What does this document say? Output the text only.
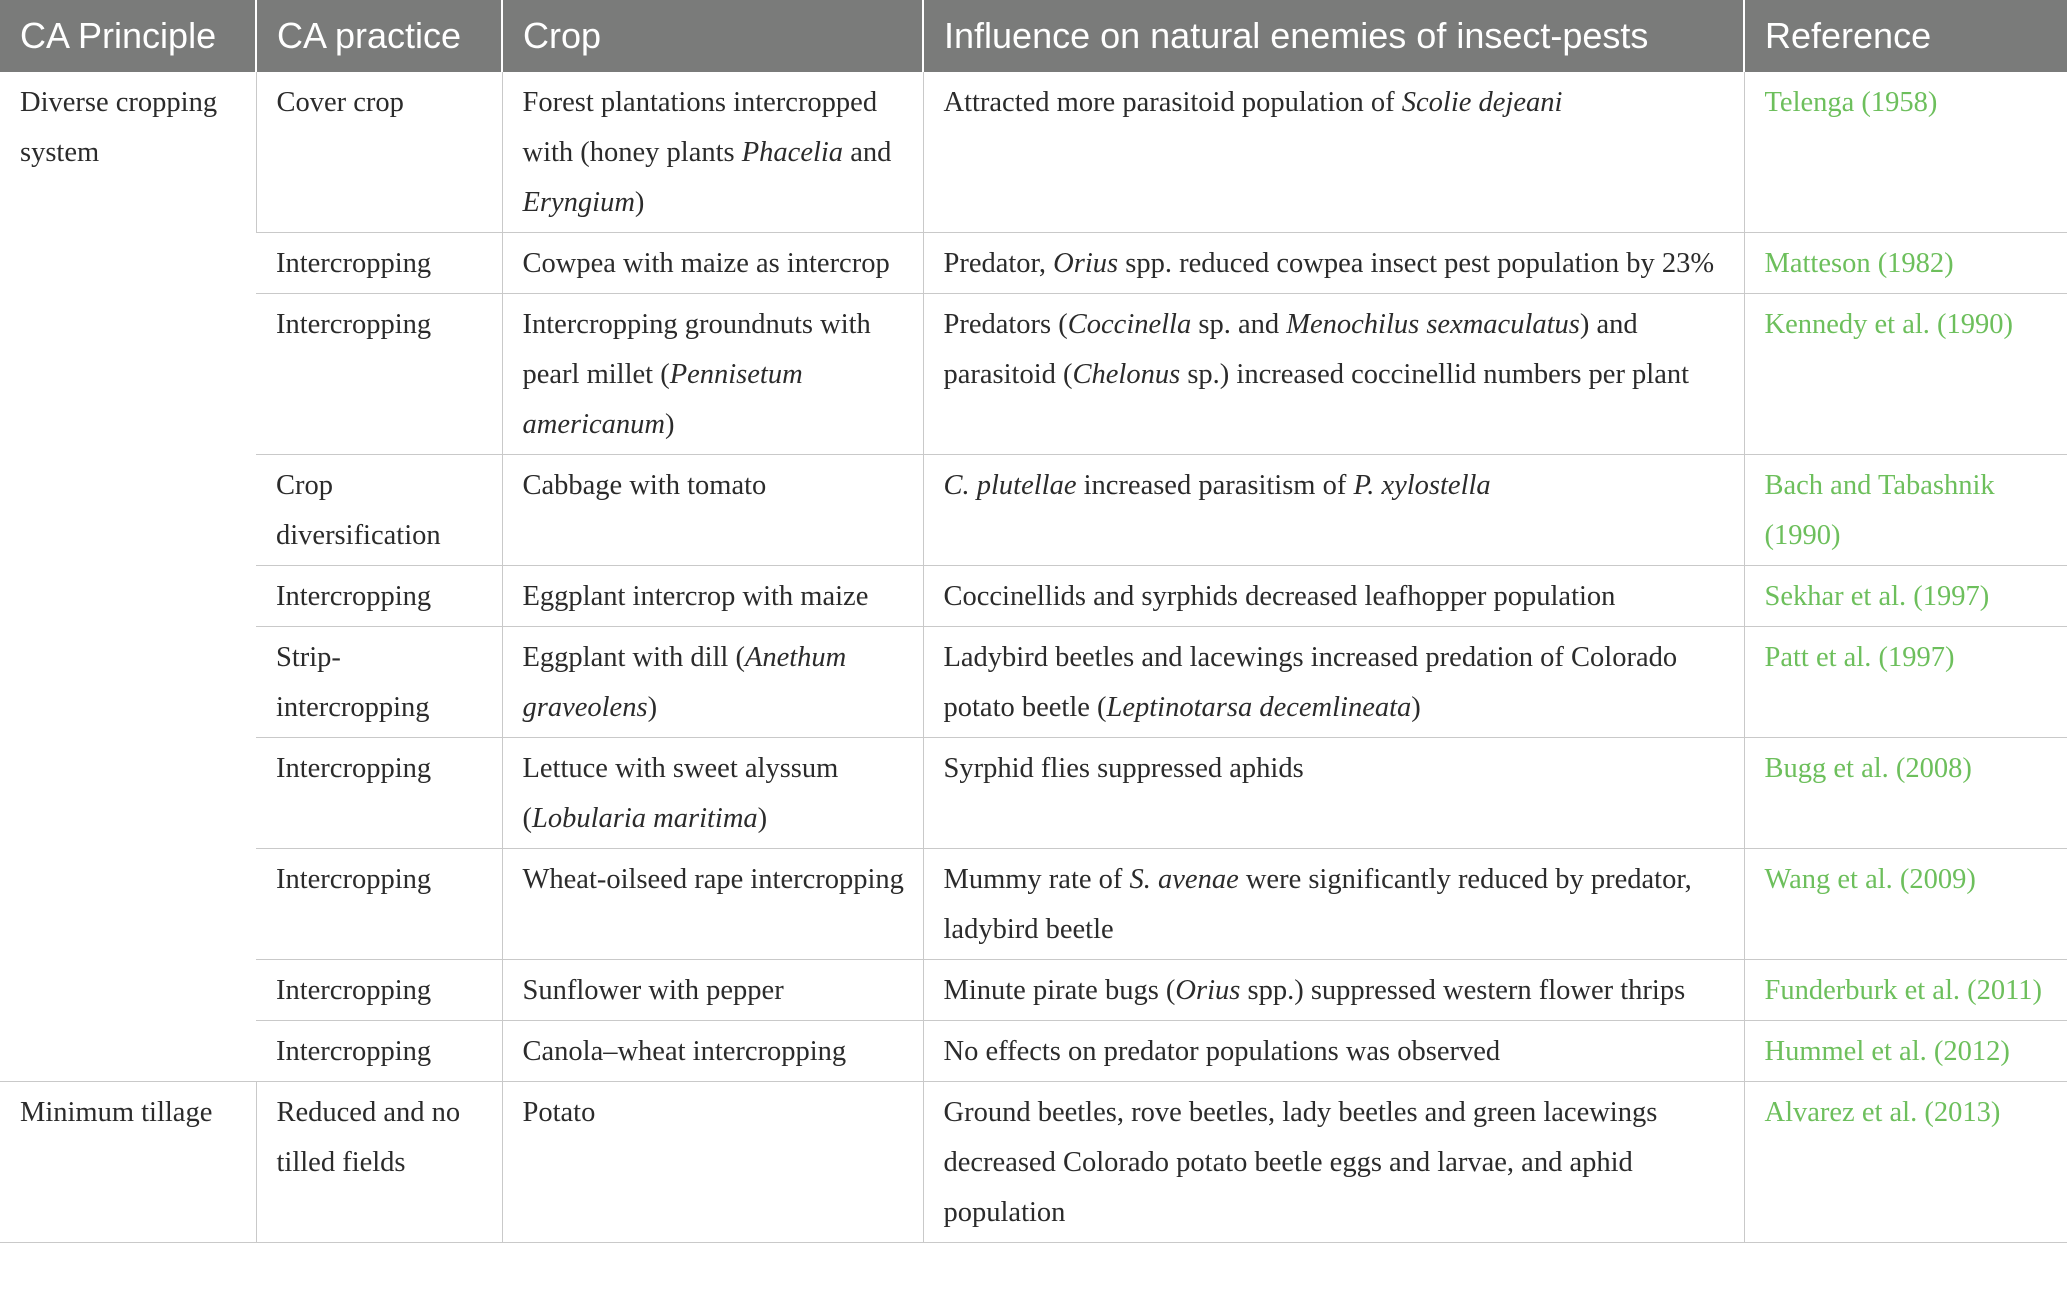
CA Principle	CA practice	Crop	Influence on natural enemies of insect-pests	Reference
Diverse cropping system	Cover crop	Forest plantations intercropped with (honey plants Phacelia and Eryngium)	Attracted more parasitoid population of Scolie dejeani	Telenga (1958)
	Intercropping	Cowpea with maize as intercrop	Predator, Orius spp. reduced cowpea insect pest population by 23%	Matteson (1982)
	Intercropping	Intercropping groundnuts with pearl millet (Pennisetum americanum)	Predators (Coccinella sp. and Menochilus sexmaculatus) and parasitoid (Chelonus sp.) increased coccinellid numbers per plant	Kennedy et al. (1990)
	Crop diversification	Cabbage with tomato	C. plutellae increased parasitism of P. xylostella	Bach and Tabashnik (1990)
	Intercropping	Eggplant intercrop with maize	Coccinellids and syrphids decreased leafhopper population	Sekhar et al. (1997)
	Strip-intercropping	Eggplant with dill (Anethum graveolens)	Ladybird beetles and lacewings increased predation of Colorado potato beetle (Leptinotarsa decemlineata)	Patt et al. (1997)
	Intercropping	Lettuce with sweet alyssum (Lobularia maritima)	Syrphid flies suppressed aphids	Bugg et al. (2008)
	Intercropping	Wheat-oilseed rape intercropping	Mummy rate of S. avenae were significantly reduced by predator, ladybird beetle	Wang et al. (2009)
	Intercropping	Sunflower with pepper	Minute pirate bugs (Orius spp.) suppressed western flower thrips	Funderburk et al. (2011)
	Intercropping	Canola–wheat intercropping	No effects on predator populations was observed	Hummel et al. (2012)
Minimum tillage	Reduced and no tilled fields	Potato	Ground beetles, rove beetles, lady beetles and green lacewings decreased Colorado potato beetle eggs and larvae, and aphid population	Alvarez et al. (2013)
